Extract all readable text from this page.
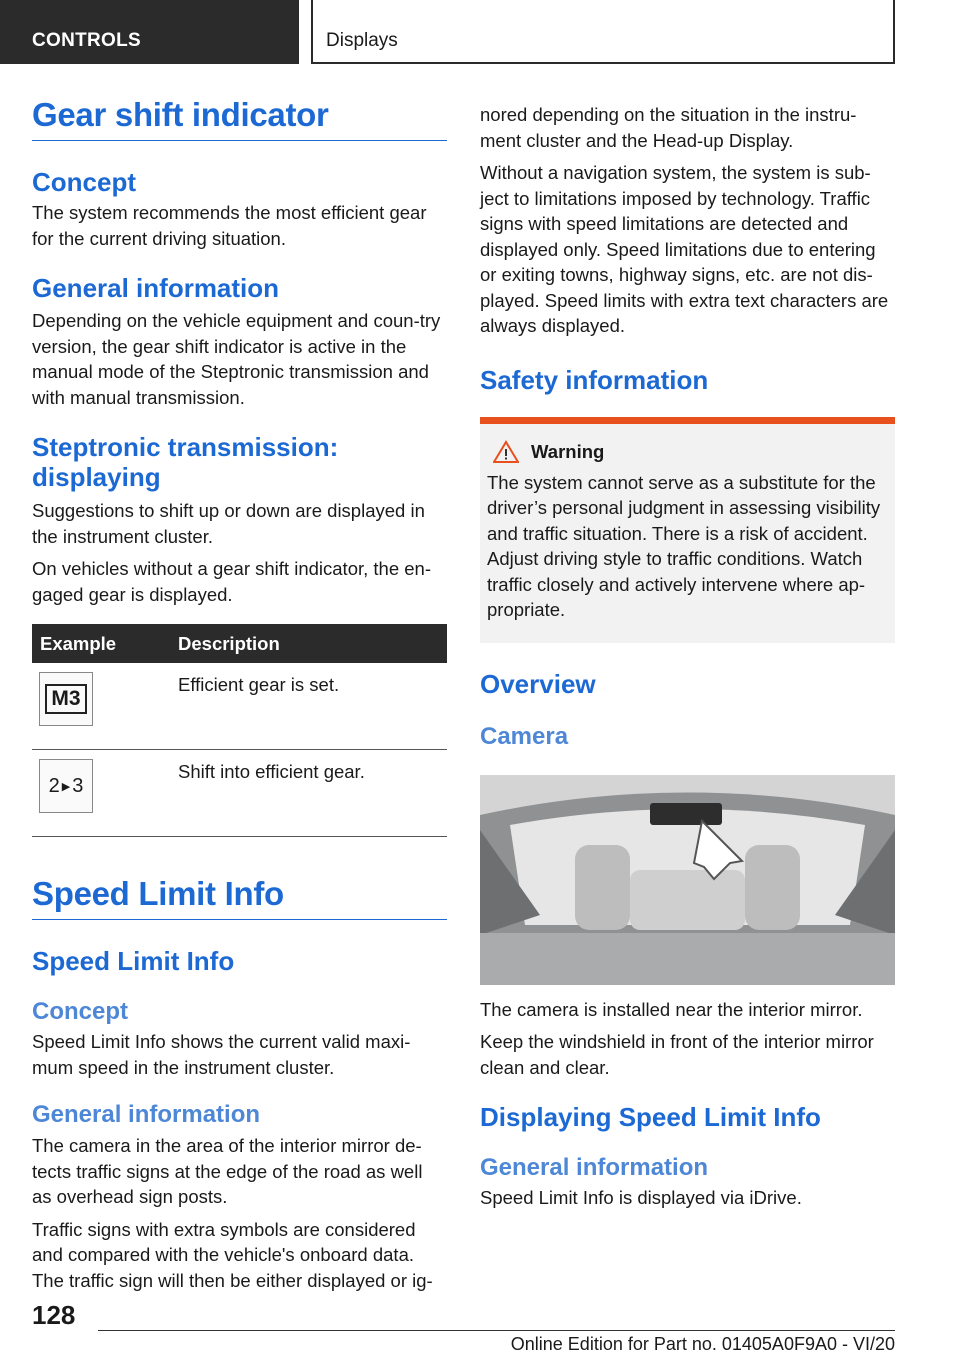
CONTROLS	Displays
Gear shift indicator
Concept

The system recommends the most efficient gear for the current driving situation.

General information

Depending on the vehicle equipment and coun-try version, the gear shift indicator is active in the manual mode of the Steptronic transmission and with manual transmission.

Steptronic transmission: displaying

Suggestions to shift up or down are displayed in the instrument cluster.

On vehicles without a gear shift indicator, the en-gaged gear is displayed.

Example	Description

M3	Efficient gear is set.

2 ▶ 3	Shift into efficient gear.
Speed Limit Info
Speed Limit Info
Concept

Speed Limit Info shows the current valid maxi-mum speed in the instrument cluster.

General information

The camera in the area of the interior mirror de-tects traffic signs at the edge of the road as well as overhead sign posts.

Traffic signs with extra symbols are considered and compared with the vehicle's onboard data. The traffic sign will then be either displayed or ig-

nored depending on the situation in the instru-ment cluster and the Head-up Display.

Without a navigation system, the system is sub-ject to limitations imposed by technology. Traffic signs with speed limitations are detected and displayed only. Speed limitations due to entering or exiting towns, highway signs, etc. are not dis-played. Speed limits with extra text characters are always displayed.

Safety information
Warning

The system cannot serve as a substitute for the driver’s personal judgment in assessing visibility and traffic situation. There is a risk of accident. Adjust driving style to traffic conditions. Watch traffic closely and actively intervene where ap-propriate.

Overview
Camera

The camera is installed near the interior mirror.

Keep the windshield in front of the interior mirror clean and clear.

Displaying Speed Limit Info
General information

Speed Limit Info is displayed via iDrive.

128
Online Edition for Part no. 01405A0F9A0 - VI/20
